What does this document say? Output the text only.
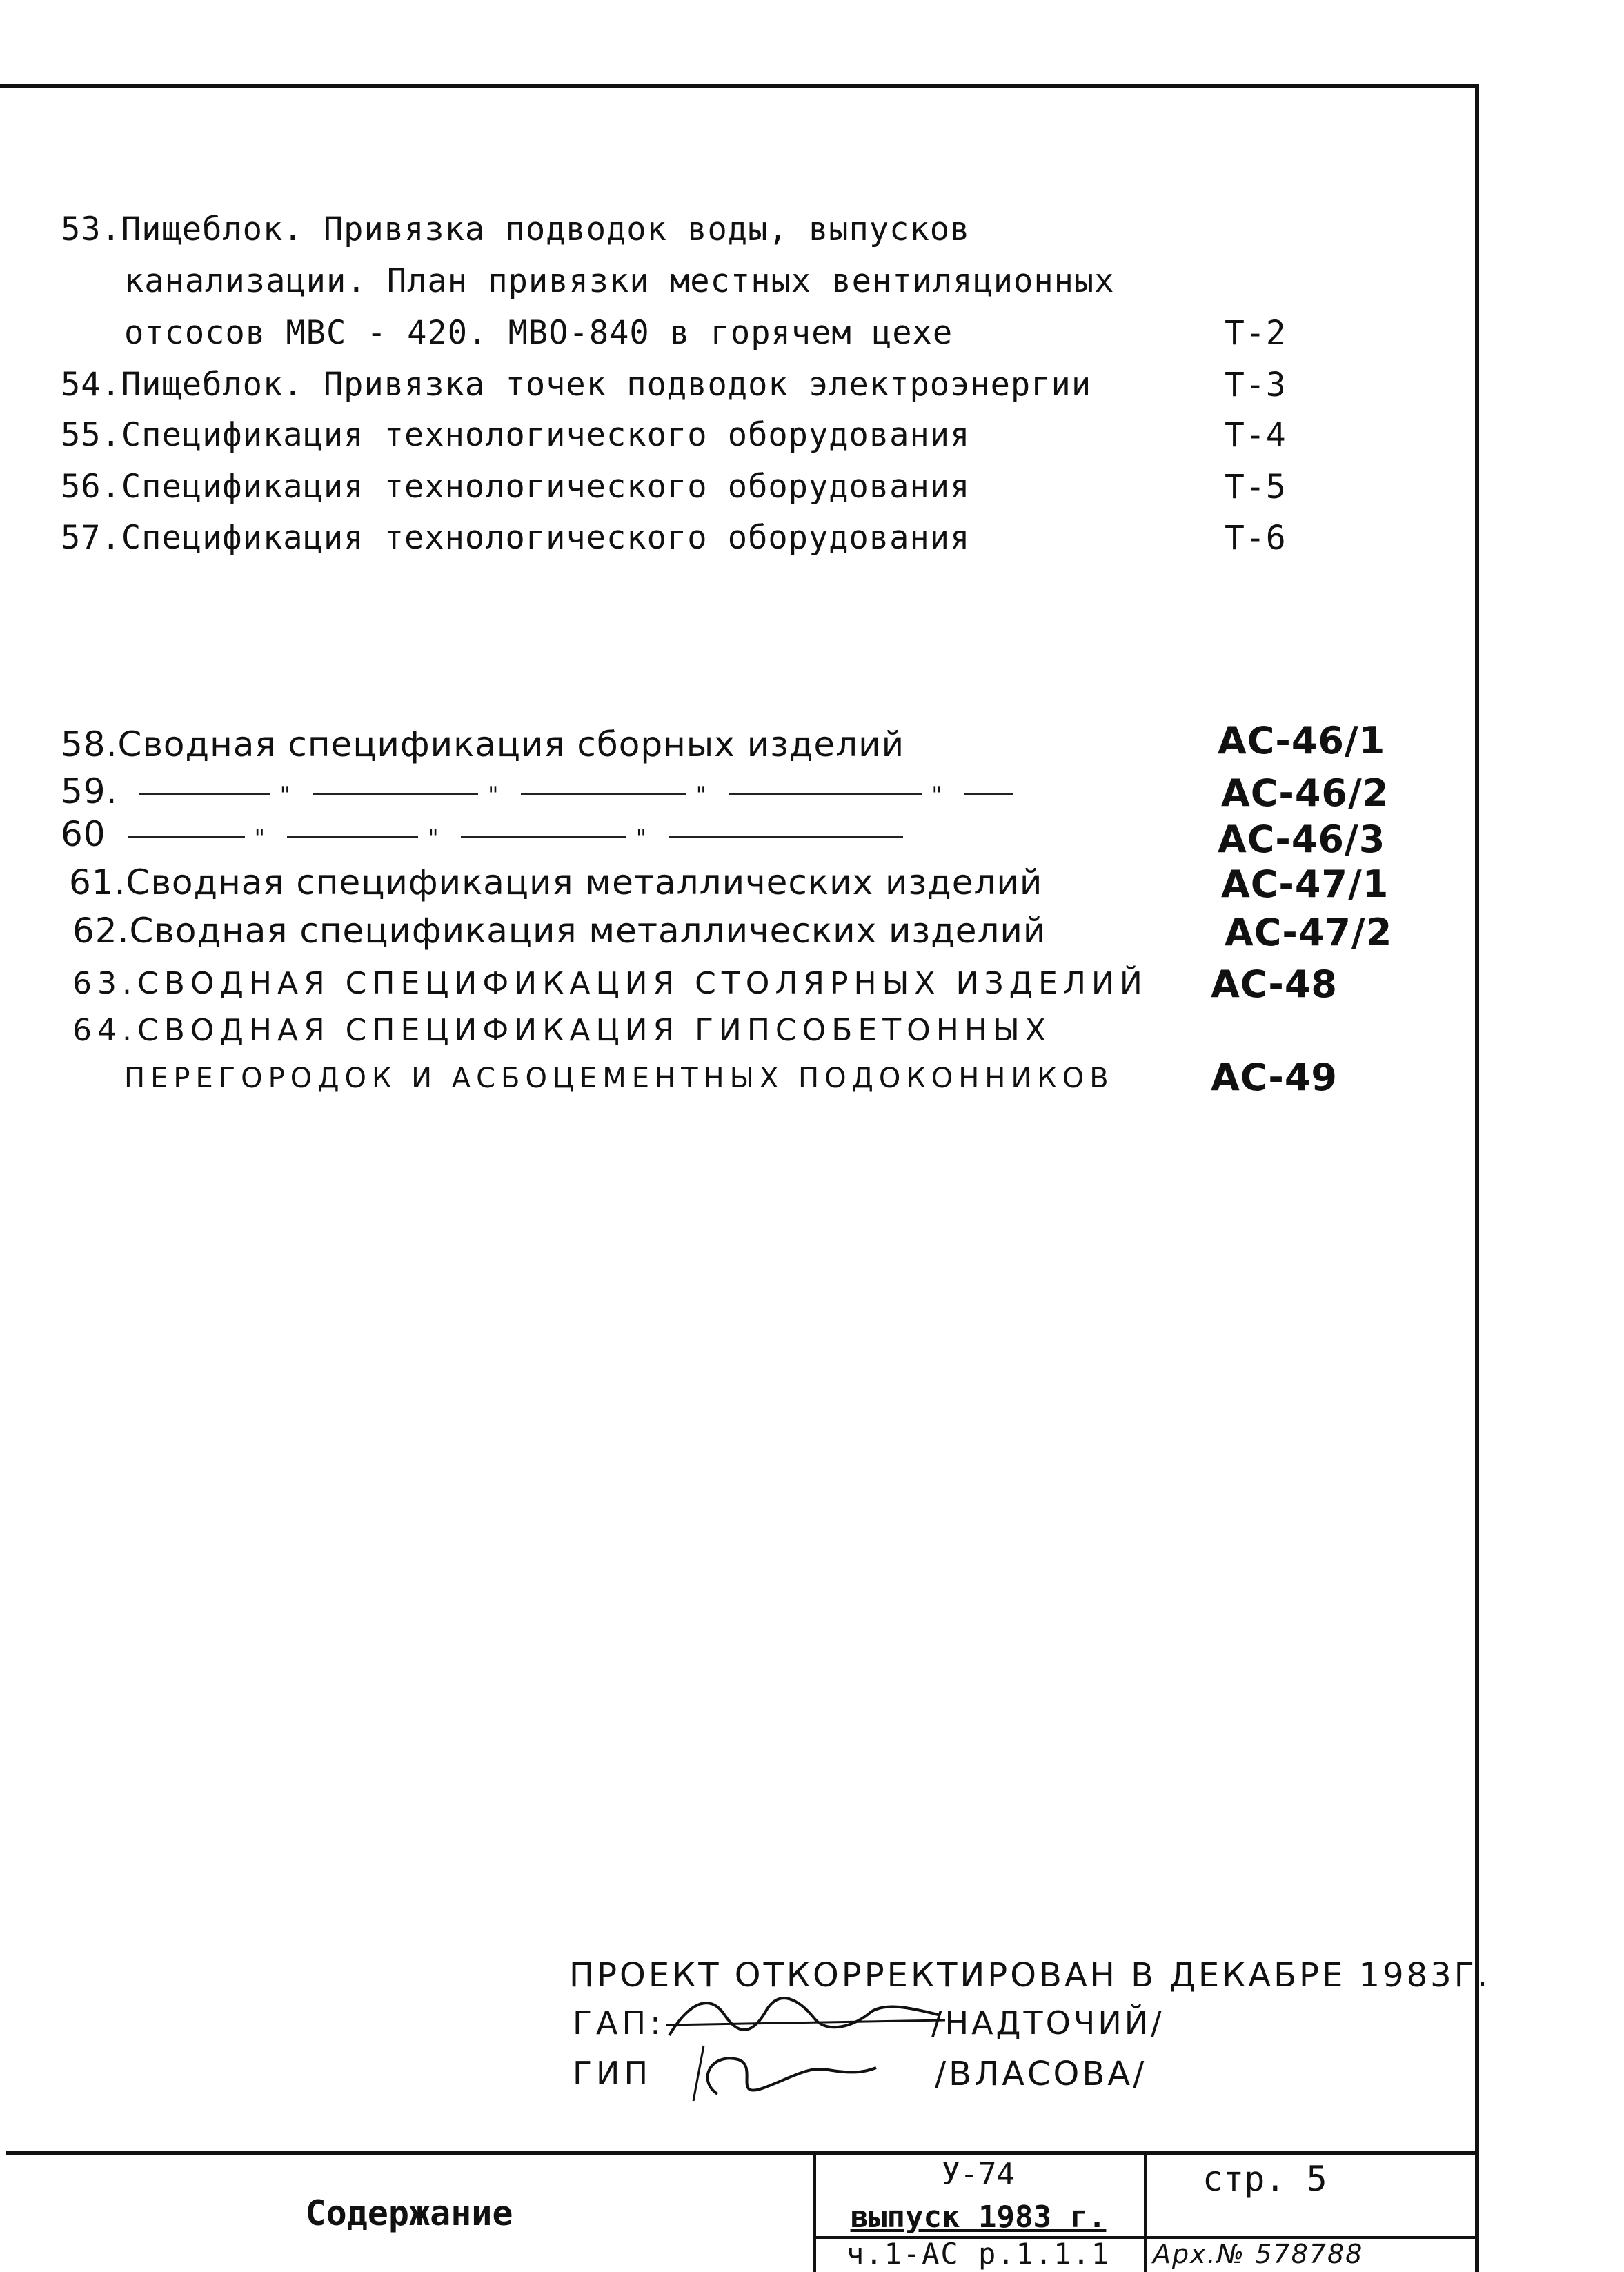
53.Пищеблок. Привязка подводок воды, выпусков
канализации. План привязки местных вентиляционных
отсосов МВС - 420. МВО-840 в горячем цехе	Т-2
54.Пищеблок. Привязка точек подводок электроэнергии	Т-3
55.Спецификация технологического оборудования	Т-4
56.Спецификация технологического оборудования	Т-5
57.Спецификация технологического оборудования	Т-6
58.Сводная спецификация сборных изделий	АС-46/1
59.	"	"	"	"	АС-46/2
60	"	"	"	АС-46/3
61.Сводная спецификация металлических изделий	АС-47/1
62.Сводная спецификация металлических изделий	АС-47/2
63.СВОДНАЯ СПЕЦИФИКАЦИЯ СТОЛЯРНЫХ ИЗДЕЛИЙ АС-48
64.СВОДНАЯ СПЕЦИФИКАЦИЯ ГИПСОБЕТОННЫХ
ПЕРЕГОРОДОК И АСБОЦЕМЕНТНЫХ ПОДОКОННИКОВ	АС-49
ПРОЕКТ ОТКОРРЕКТИРОВАН В ДЕКАБРЕ 1983Г.
ГАП:	/НАДТОЧИЙ/
ГИП	/ВЛАСОВА/
Содержание
У-74
выпуск 1983 г.
ч.1-АС р.1.1.1
стр. 5
Арх.№ 578788
